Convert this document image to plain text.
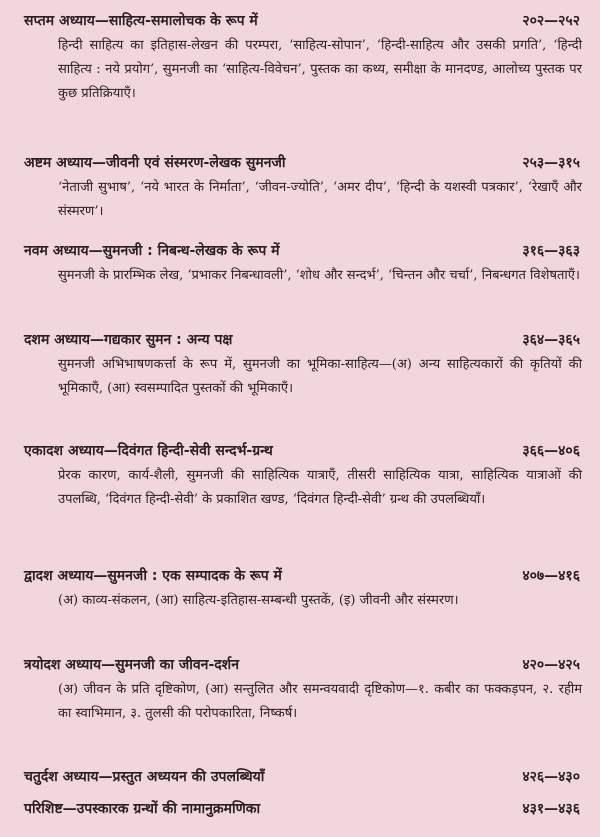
सप्तम अध्याय—साहित्य-समालोचक के रूप में	२०२—२५२
हिन्दी साहित्य का इतिहास-लेखन की परम्परा, ‘साहित्य-सोपान’, ‘हिन्दी-साहित्य और उसकी प्रगति’, ‘हिन्दी साहित्य : नये प्रयोग’, सुमनजी का ‘साहित्य-विवेचन’, पुस्तक का कथ्य, समीक्षा के मानदण्ड, आलोच्य पुस्तक पर कुछ प्रतिक्रियाएँ।
अष्टम अध्याय—जीवनी एवं संस्मरण-लेखक सुमनजी	२५३—३१५
‘नेताजी सुभाष’, ‘नये भारत के निर्माता’, ‘जीवन-ज्योति’, ‘अमर दीप’, ‘हिन्दी के यशस्वी पत्रकार’, ‘रेखाएँ और संस्मरण’।
नवम अध्याय—सुमनजी : निबन्ध-लेखक के रूप में	३१६—३६३
सुमनजी के प्रारम्भिक लेख, ‘प्रभाकर निबन्धावली’, ‘शोध और सन्दर्भ’, ‘चिन्तन और चर्चा’, निबन्धगत विशेषताएँ।
दशम अध्याय—गद्यकार सुमन : अन्य पक्ष	३६४—३६५
सुमनजी अभिभाषणकर्त्ता के रूप में, सुमनजी का भूमिका-साहित्य—(अ) अन्य साहित्यकारों की कृतियों की भूमिकाएँ, (आ) स्वसम्पादित पुस्तकों की भूमिकाएँ।
एकादश अध्याय—दिवंगत हिन्दी-सेवी सन्दर्भ-ग्रन्थ	३६६—४०६
प्रेरक कारण, कार्य-शैली, सुमनजी की साहित्यिक यात्राएँ, तीसरी साहित्यिक यात्रा, साहित्यिक यात्राओं की उपलब्धि, ‘दिवंगत हिन्दी-सेवी’ के प्रकाशित खण्ड, ‘दिवंगत हिन्दी-सेवी’ ग्रन्थ की उपलब्धियाँ।
द्वादश अध्याय—सुमनजी : एक सम्पादक के रूप में	४०७—४१६
(अ) काव्य-संकलन, (आ) साहित्य-इतिहास-सम्बन्धी पुस्तकें, (इ) जीवनी और संस्मरण।
त्रयोदश अध्याय—सुमनजी का जीवन-दर्शन	४२०—४२५
(अ) जीवन के प्रति दृष्टिकोण, (आ) सन्तुलित और समन्वयवादी दृष्टिकोण—१. कबीर का फक्कड़पन, २. रहीम का स्वाभिमान, ३. तुलसी की परोपकारिता, निष्कर्ष।
चतुर्दश अध्याय—प्रस्तुत अध्ययन की उपलब्धियाँ	४२६—४३०
परिशिष्ट—उपस्कारक ग्रन्थों की नामानुक्रमणिका	४३१—४३६
